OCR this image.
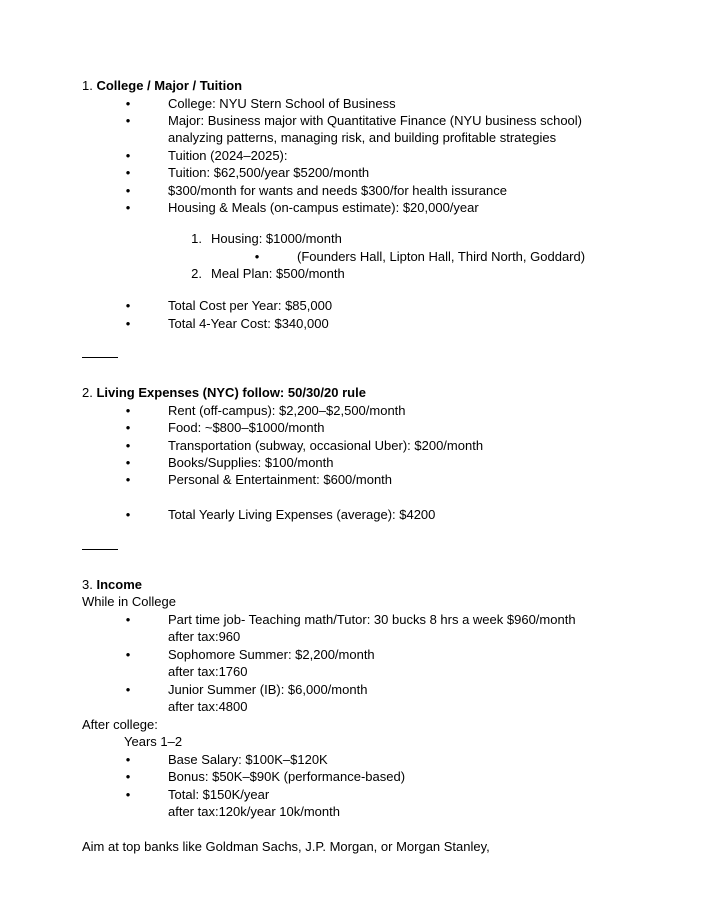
1. College / Major / Tuition
•	College: NYU Stern School of Business
•	Major: Business major with Quantitative Finance (NYU business school)
analyzing patterns, managing risk, and building profitable strategies
•	Tuition (2024–2025):
•	Tuition: $62,500/year $5200/month
•	$300/month for wants and needs $300/for health issurance
•	Housing & Meals (on-campus estimate): $20,000/year
1. Housing: $1000/month
•	(Founders Hall, Lipton Hall, Third North, Goddard)
2. Meal Plan: $500/month
•	Total Cost per Year: $85,000
•	Total 4-Year Cost: $340,000
2. Living Expenses (NYC) follow: 50/30/20 rule
•	Rent (off-campus): $2,200–$2,500/month
•	Food: ~$800–$1000/month
•	Transportation (subway, occasional Uber): $200/month
•	Books/Supplies: $100/month
•	Personal & Entertainment: $600/month
•	Total Yearly Living Expenses (average): $4200
3. Income
While in College
•	Part time job- Teaching math/Tutor: 30 bucks 8 hrs a week $960/month
after tax:960
•	Sophomore Summer: $2,200/month
after tax:1760
•	Junior Summer (IB): $6,000/month
after tax:4800
After college:
Years 1–2
•	Base Salary: $100K–$120K
•	Bonus: $50K–$90K (performance-based)
•	Total: $150K/year
after tax:120k/year 10k/month
Aim at top banks like Goldman Sachs, J.P. Morgan, or Morgan Stanley,
